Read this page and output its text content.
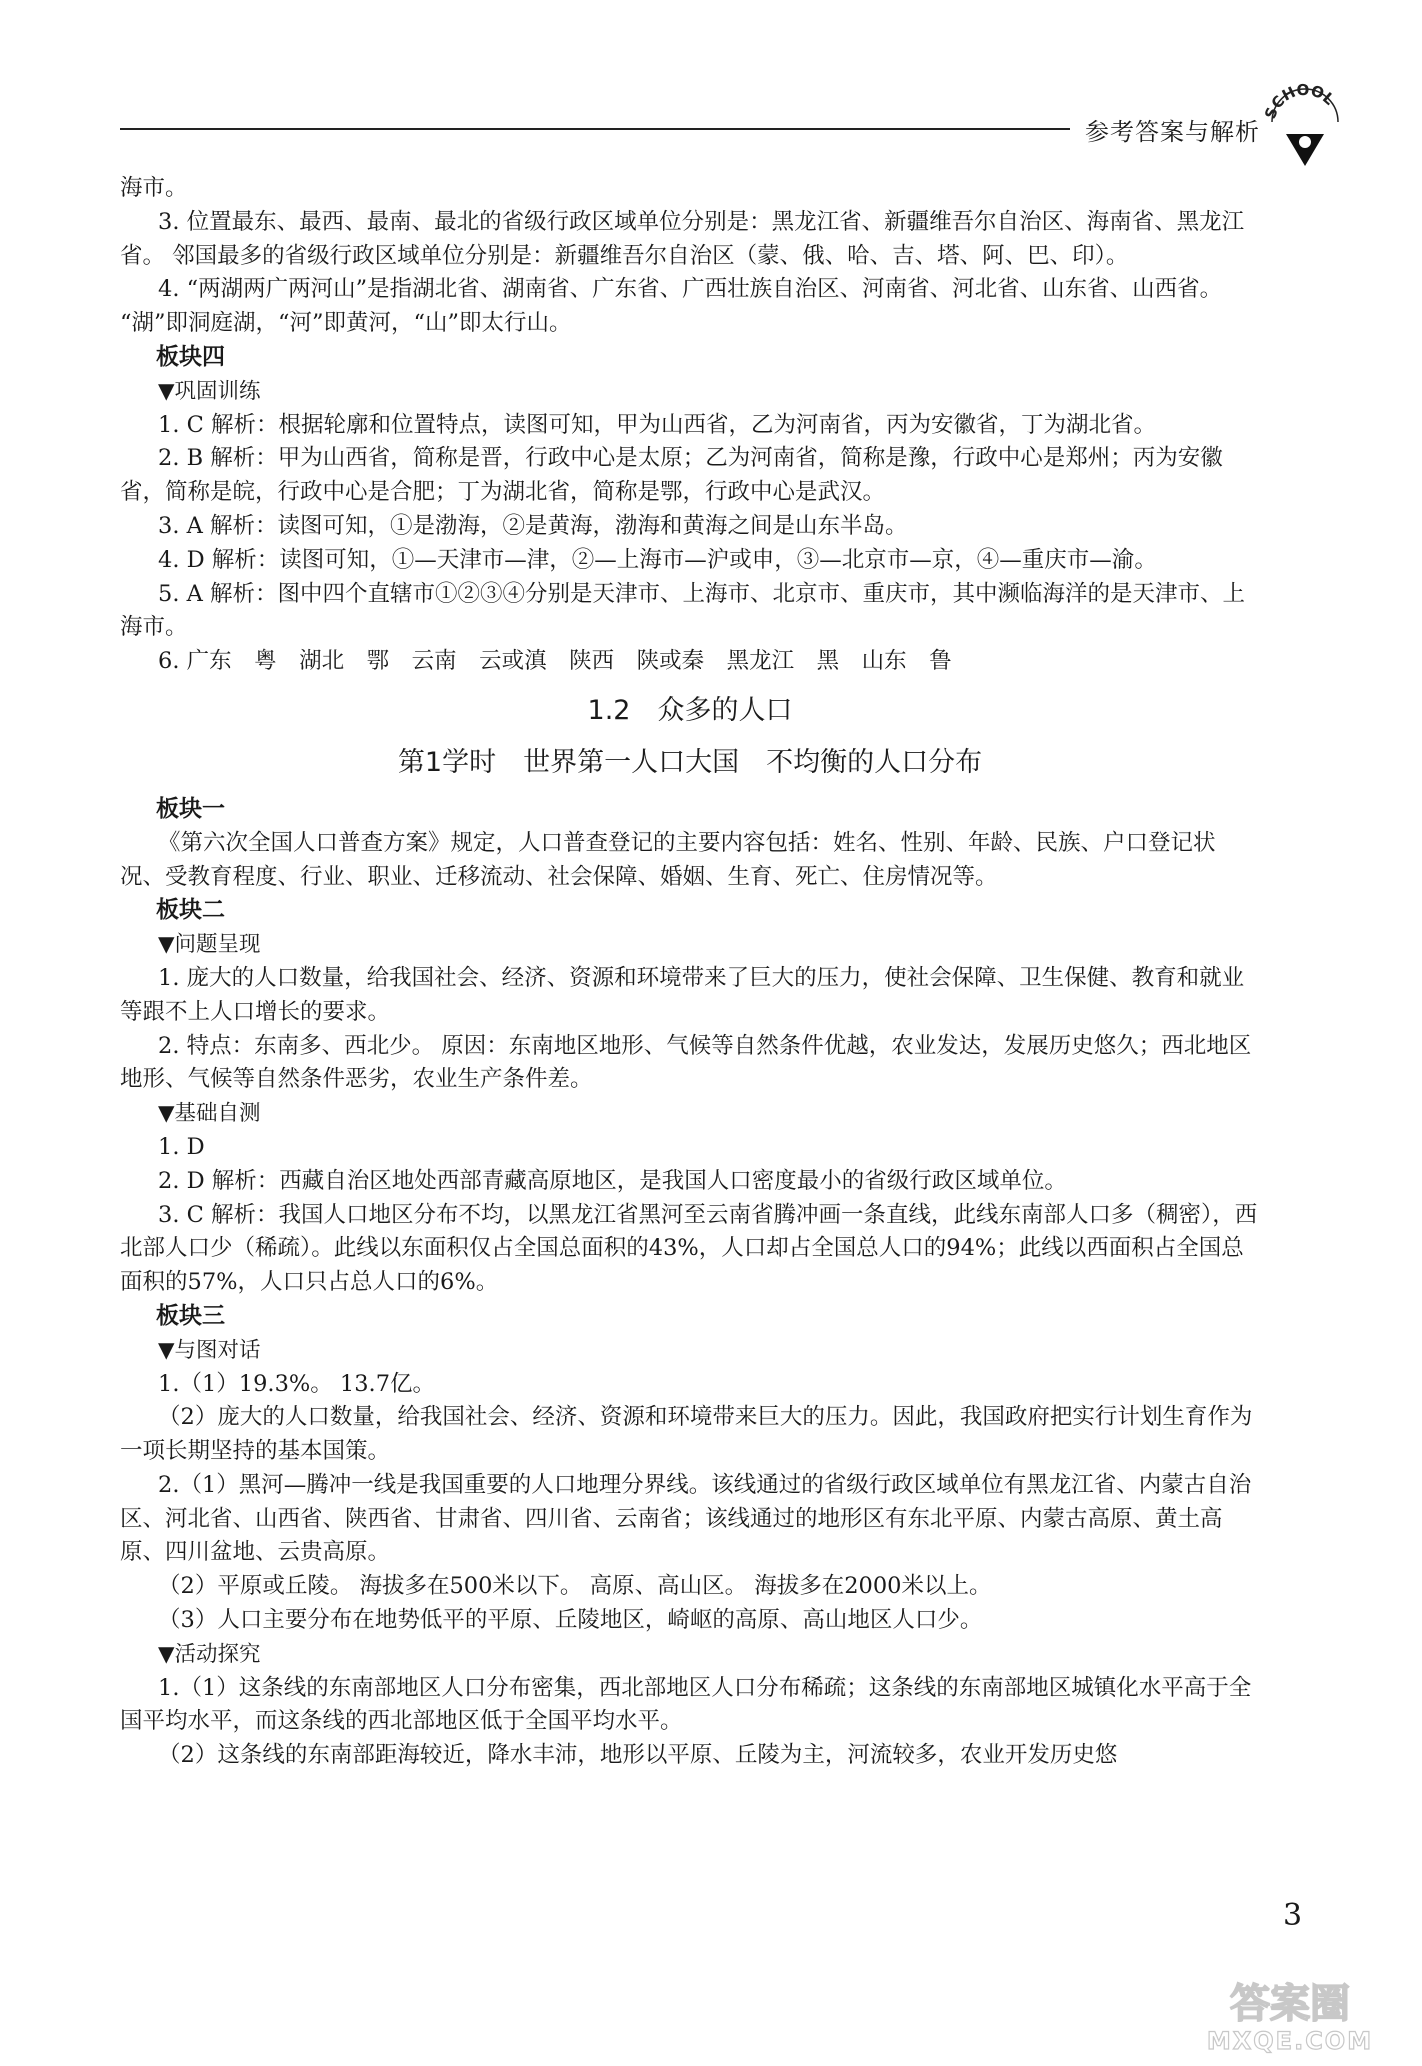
参考答案与解析
SCHOOL

海市。

3. 位置最东、最西、最南、最北的省级行政区域单位分别是：黑龙江省、新疆维吾尔自治区、海南省、黑龙江省。 邻国最多的省级行政区域单位分别是：新疆维吾尔自治区（蒙、俄、哈、吉、塔、阿、巴、印）。

4. “两湖两广两河山”是指湖北省、湖南省、广东省、广西壮族自治区、河南省、河北省、山东省、山西省。 “湖”即洞庭湖，“河”即黄河，“山”即太行山。

板块四

▼巩固训练

1. C 解析：根据轮廓和位置特点，读图可知，甲为山西省，乙为河南省，丙为安徽省，丁为湖北省。

2. B 解析：甲为山西省，简称是晋，行政中心是太原；乙为河南省，简称是豫，行政中心是郑州；丙为安徽省，简称是皖，行政中心是合肥；丁为湖北省，简称是鄂，行政中心是武汉。

3. A 解析：读图可知，①是渤海，②是黄海，渤海和黄海之间是山东半岛。

4. D 解析：读图可知，①—天津市—津，②—上海市—沪或申，③—北京市—京，④—重庆市—渝。

5. A 解析：图中四个直辖市①②③④分别是天津市、上海市、北京市、重庆市，其中濒临海洋的是天津市、上海市。

6. 广东　粤　湖北　鄂　云南　云或滇　陕西　陕或秦　黑龙江　黑　山东　鲁

1.2　众多的人口

第1学时　世界第一人口大国　不均衡的人口分布

板块一

《第六次全国人口普查方案》规定，人口普查登记的主要内容包括：姓名、性别、年龄、民族、户口登记状况、受教育程度、行业、职业、迁移流动、社会保障、婚姻、生育、死亡、住房情况等。

板块二

▼问题呈现

1. 庞大的人口数量，给我国社会、经济、资源和环境带来了巨大的压力，使社会保障、卫生保健、教育和就业等跟不上人口增长的要求。

2. 特点：东南多、西北少。 原因：东南地区地形、气候等自然条件优越，农业发达，发展历史悠久；西北地区地形、气候等自然条件恶劣，农业生产条件差。

▼基础自测

1. D

2. D 解析：西藏自治区地处西部青藏高原地区，是我国人口密度最小的省级行政区域单位。

3. C 解析：我国人口地区分布不均，以黑龙江省黑河至云南省腾冲画一条直线，此线东南部人口多（稠密），西北部人口少（稀疏）。此线以东面积仅占全国总面积的43%，人口却占全国总人口的94%；此线以西面积占全国总面积的57%，人口只占总人口的6%。

板块三

▼与图对话

1.（1）19.3%。 13.7亿。

（2）庞大的人口数量，给我国社会、经济、资源和环境带来巨大的压力。因此，我国政府把实行计划生育作为一项长期坚持的基本国策。

2.（1）黑河—腾冲一线是我国重要的人口地理分界线。该线通过的省级行政区域单位有黑龙江省、内蒙古自治区、河北省、山西省、陕西省、甘肃省、四川省、云南省；该线通过的地形区有东北平原、内蒙古高原、黄土高原、四川盆地、云贵高原。

（2）平原或丘陵。 海拔多在500米以下。 高原、高山区。 海拔多在2000米以上。

（3）人口主要分布在地势低平的平原、丘陵地区，崎岖的高原、高山地区人口少。

▼活动探究

1.（1）这条线的东南部地区人口分布密集，西北部地区人口分布稀疏；这条线的东南部地区城镇化水平高于全国平均水平，而这条线的西北部地区低于全国平均水平。

（2）这条线的东南部距海较近，降水丰沛，地形以平原、丘陵为主，河流较多，农业开发历史悠

3
答案圈
MXQE.COM
